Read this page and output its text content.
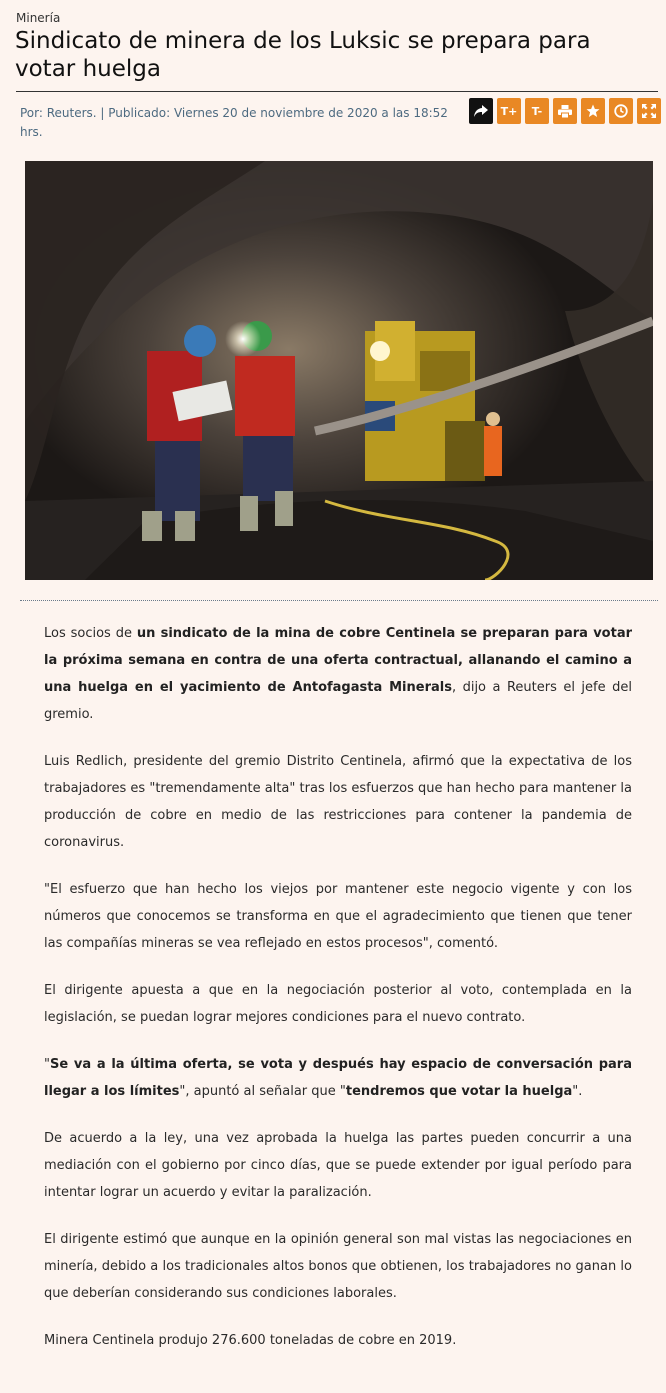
Minería
Sindicato de minera de los Luksic se prepara para votar huelga
Por: Reuters. | Publicado: Viernes 20 de noviembre de 2020 a las 18:52 hrs.
T+	T-

Los socios de un sindicato de la mina de cobre Centinela se preparan para votar la próxima semana en contra de una oferta contractual, allanando el camino a una huelga en el yacimiento de Antofagasta Minerals, dijo a Reuters el jefe del gremio.

Luis Redlich, presidente del gremio Distrito Centinela, afirmó que la expectativa de los trabajadores es "tremendamente alta" tras los esfuerzos que han hecho para mantener la producción de cobre en medio de las restricciones para contener la pandemia de coronavirus.

"El esfuerzo que han hecho los viejos por mantener este negocio vigente y con los números que conocemos se transforma en que el agradecimiento que tienen que tener las compañías mineras se vea reflejado en estos procesos", comentó.

El dirigente apuesta a que en la negociación posterior al voto, contemplada en la legislación, se puedan lograr mejores condiciones para el nuevo contrato.

"Se va a la última oferta, se vota y después hay espacio de conversación para llegar a los límites", apuntó al señalar que "tendremos que votar la huelga".

De acuerdo a la ley, una vez aprobada la huelga las partes pueden concurrir a una mediación con el gobierno por cinco días, que se puede extender por igual período para intentar lograr un acuerdo y evitar la paralización.

El dirigente estimó que aunque en la opinión general son mal vistas las negociaciones en minería, debido a los tradicionales altos bonos que obtienen, los trabajadores no ganan lo que deberían considerando sus condiciones laborales.

Minera Centinela produjo 276.600 toneladas de cobre en 2019.
